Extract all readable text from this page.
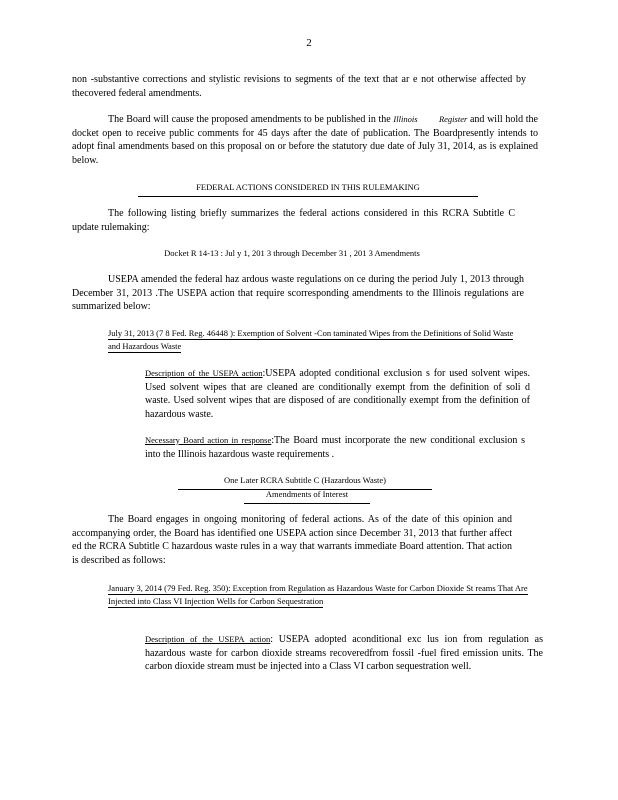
2
non -substantive corrections and stylistic revisions to segments of the text that ar e not otherwise affected by thecovered federal amendments.
The Board will cause the proposed amendments to be published in the Illinois	Register and will hold the docket open to receive public comments for 45 days after the date of publication. The Boardpresently intends to adopt final amendments based on this proposal on or before the statutory due date of July 31, 2014, as is explained below.
FEDERAL ACTIONS CONSIDERED IN THIS RULEMAKING
The following listing briefly summarizes the federal actions considered in this RCRA Subtitle C update rulemaking:
Docket R 14-13 : Jul y 1, 201 3 through December 31 , 201 3 Amendments
USEPA amended the federal haz ardous waste regulations on ce during the period July 1, 2013 through December 31, 2013 .The USEPA action that require scorresponding amendments to the Illinois regulations are summarized below:
July 31, 2013 (7 8 Fed. Reg. 46448 ): Exemption of Solvent -Con taminated Wipes from the Definitions of Solid Waste and Hazardous Waste
Description of the USEPA action:USEPA adopted conditional exclusion s for used solvent wipes. Used solvent wipes that are cleaned are conditionally exempt from the definition of soli d waste. Used solvent wipes that are disposed of are conditionally exempt from the definition of hazardous waste.
Necessary Board action in response:The Board must incorporate the new conditional exclusion s into the Illinois hazardous waste requirements .
One Later RCRA Subtitle C (Hazardous Waste)
Amendments of Interest
The Board engages in ongoing monitoring of federal actions. As of the date of this opinion and accompanying order, the Board has identified one USEPA action since December 31, 2013 that further affect ed the RCRA Subtitle C hazardous waste rules in a way that warrants immediate Board attention. That action is described as follows:
January 3, 2014 (79 Fed. Reg. 350): Exception from Regulation as Hazardous Waste for Carbon Dioxide St reams That Are Injected into Class VI Injection Wells for Carbon Sequestration
Description of the USEPA action: USEPA adopted aconditional exc lus ion from regulation as hazardous waste for carbon dioxide streams recoveredfrom fossil -fuel fired emission units. The carbon dioxide stream must be injected into a Class VI carbon sequestration well.
